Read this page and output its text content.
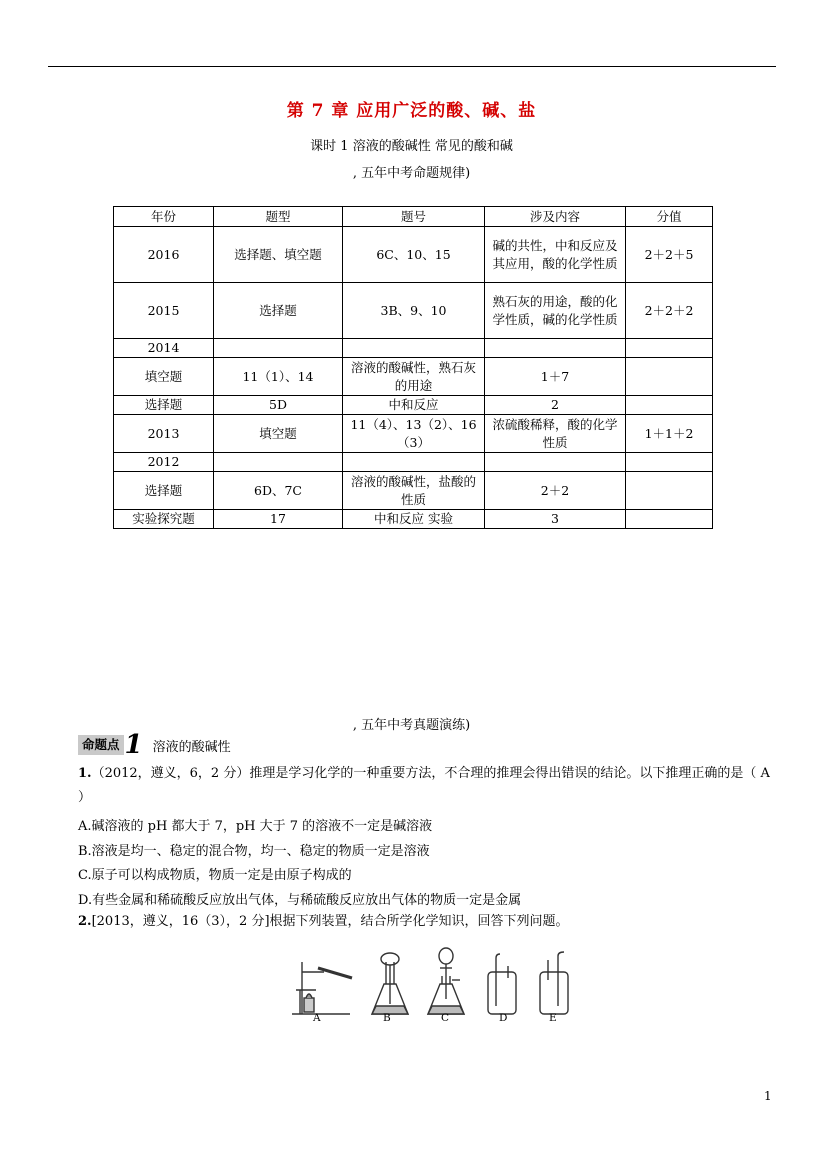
第 7 章 应用广泛的酸、碱、盐
课时 1 溶液的酸碱性 常见的酸和碱
, 五年中考命题规律)
年份	题型	题号	涉及内容	分值
2016	选择题、填空题	6C、10、15	碱的共性，中和反应及其应用，酸的化学性质	2＋2＋5
2015	选择题	3B、9、10	熟石灰的用途，酸的化学性质，碱的化学性质	2＋2＋2
2014				
填空题	11（1）、14	溶液的酸碱性，熟石灰的用途	1＋7	
选择题	5D	中和反应	2	
2013	填空题	11（4）、13（2）、16（3）	浓硫酸稀释，酸的化学性质	1＋1＋2
2012				
选择题	6D、7C	溶液的酸碱性，盐酸的性质	2＋2	
实验探究题	17	中和反应 实验	3	
, 五年中考真题演练)
命题点 1 溶液的酸碱性
1.（2012，遵义，6，2 分）推理是学习化学的一种重要方法，不合理的推理会得出错误的结论。以下推理正确的是（ A ）
A.碱溶液的 pH 都大于 7，pH 大于 7 的溶液不一定是碱溶液
B.溶液是均一、稳定的混合物，均一、稳定的物质一定是溶液
C.原子可以构成物质，物质一定是由原子构成的
D.有些金属和稀硫酸反应放出气体，与稀硫酸反应放出气体的物质一定是金属
2.[2013，遵义，16（3），2 分]根据下列装置，结合所学化学知识，回答下列问题。
A	B	C	D	E
1
